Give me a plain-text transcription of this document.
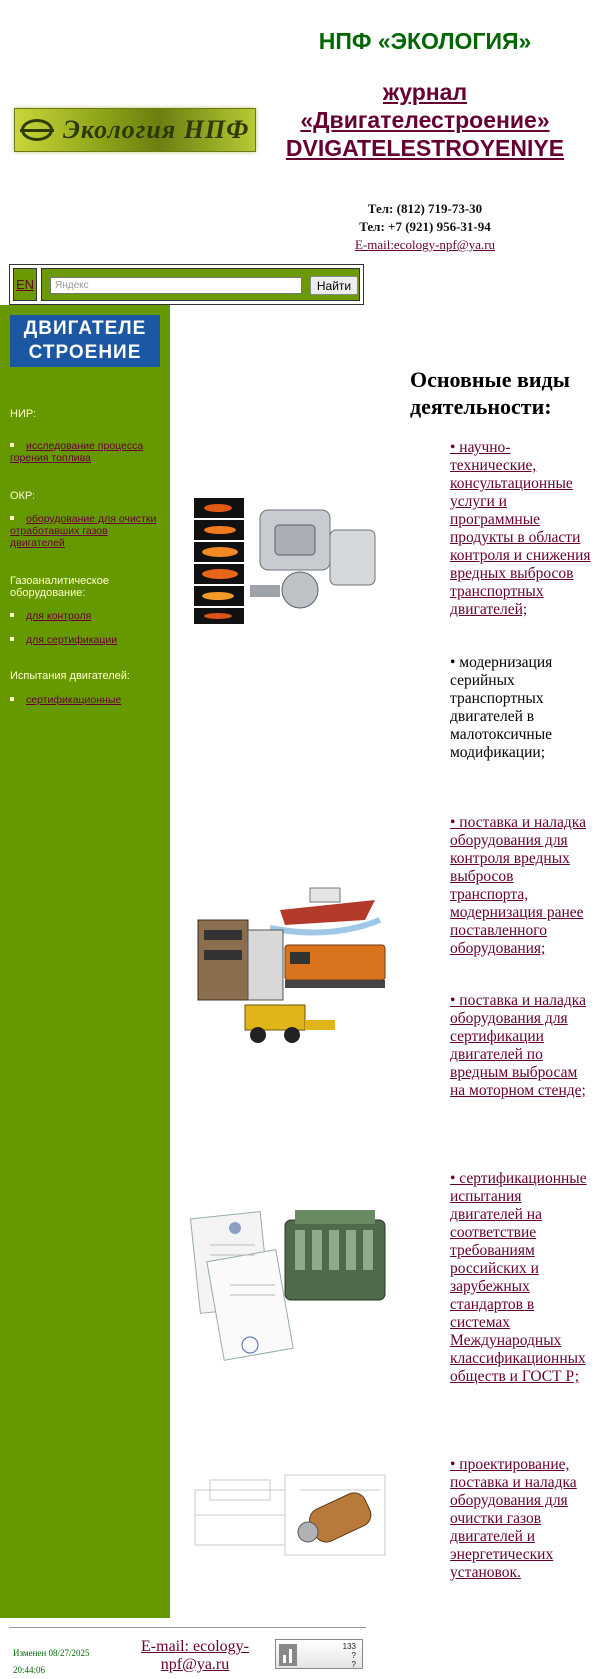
НПФ «ЭКОЛОГИЯ»
журнал
«Двигателестроение»
DVIGATELESTROYENIYE
Экология НПФ
Тел: (812) 719-73-30
Тел: +7 (921) 956-31-94
E-mail:ecology-npf@ya.ru
EN
Яндекс	Найти
ДВИГАТЕЛЕ
СТРОЕНИЕ
НИР:
исследование процесса горения топлива
ОКР:
оборудование для очистки отработавших газов двигателей
Газоаналитическое оборудование:
для контроля
для сертификации
Испытания двигателей:
сертификационные
Основные виды деятельности:
• научно-технические, консультационные услуги и программные продукты в области контроля и снижения вредных выбросов транспортных двигателей;
• модернизация серийных транспортных двигателей в малотоксичные модификации;
• поставка и наладка оборудования для контроля вредных выбросов транспорта, модернизация ранее поставленного оборудования;
• поставка и наладка оборудования для сертификации двигателей по вредным выбросам на моторном стенде;
• сертификационные испытания двигателей на соответствие требованиям российских и зарубежных стандартов в системах Международных классификационных обществ и ГОСТ Р;
• проектирование, поставка и наладка оборудования для очистки газов двигателей и энергетических установок.
Изменен 08/27/2025
20:44:06
E-mail: ecology-npf@ya.ru
133
?
?
